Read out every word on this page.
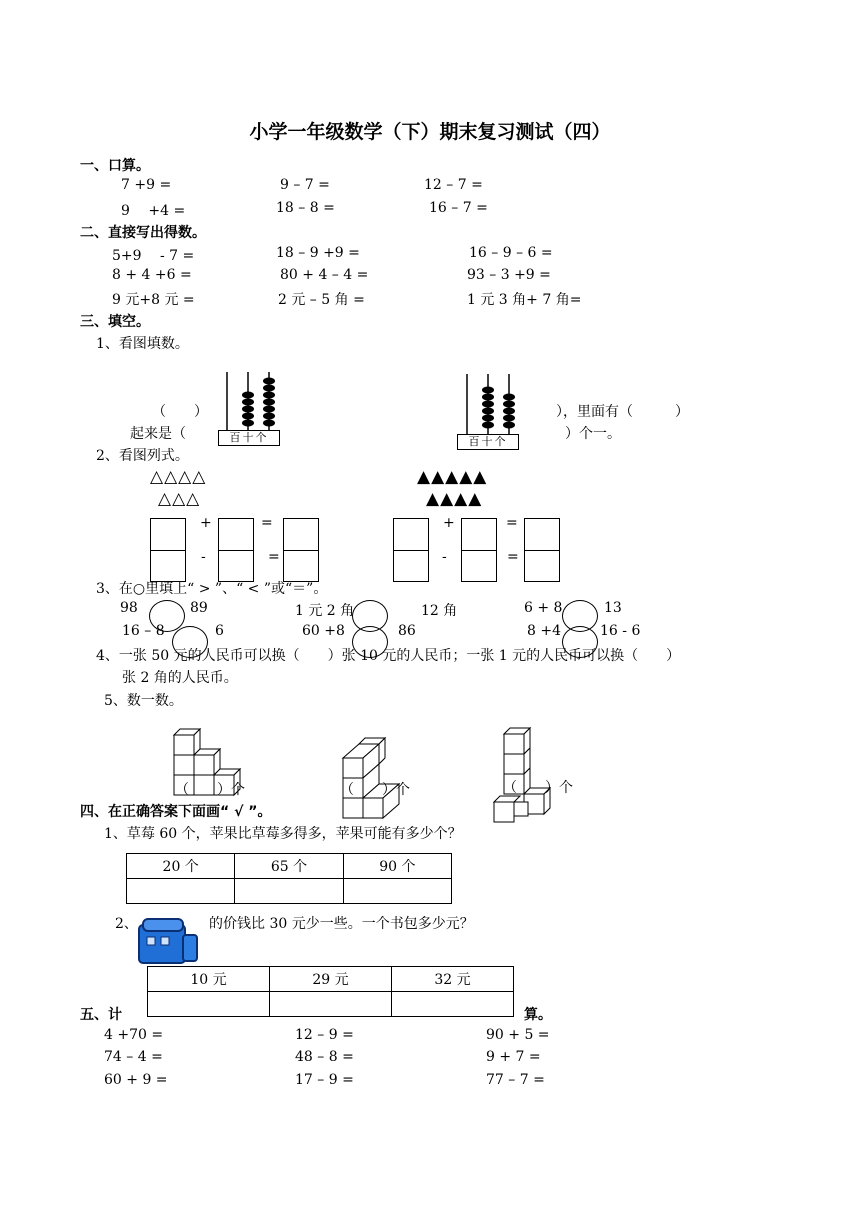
小学一年级数学（下）期末复习测试（四）
一、口算。
7 +9 =	9 – 7 =	12 – 7 =
9 　+4 =	18 – 8 =	16 – 7 =
二、直接写出得数。
5+9 　- 7 =	18 – 9 +9 =	16 – 9 – 6 =
8 + 4 +6 =	80 + 4 – 4 =	93 – 3 +9 =
9 元+8 元 =	2 元 – 5 角 =	1 元 3 角+ 7 角=
三、填空。
1、看图填数。
百十个	百十个
（　　）	），里面有（　　　）
起来是（	）个一。
2、看图列式。
△△△△
△△△
▲▲▲▲▲
▲▲▲▲
+	=
-	=
+	=
-	=
3、在○里填上“ > ”、“ < ”或“＝”。
98	89	1 元 2 角	12 角	6 + 8	13
16 – 8	6	60 +8	86	8 +4	16 - 6
4、一张 50 元的人民币可以换（　　）张 10 元的人民币；一张 1 元的人民币可以换（　　）
张 2 角的人民币。
5、数一数。
（　　）个	（　　）个	（　　）个
四、在正确答案下面画“ √ ”。
1、草莓 60 个，苹果比草莓多得多，苹果可能有多少个？
20 个	65 个	90 个

2、	的价钱比 30 元少一些。一个书包多少元？
10 元	29 元	32 元

五、计	算。
4 +70 =	12 – 9 =	90 + 5 =
74 – 4 =	48 – 8 =	9 + 7 =
60 + 9 =	17 – 9 =	77 – 7 =
